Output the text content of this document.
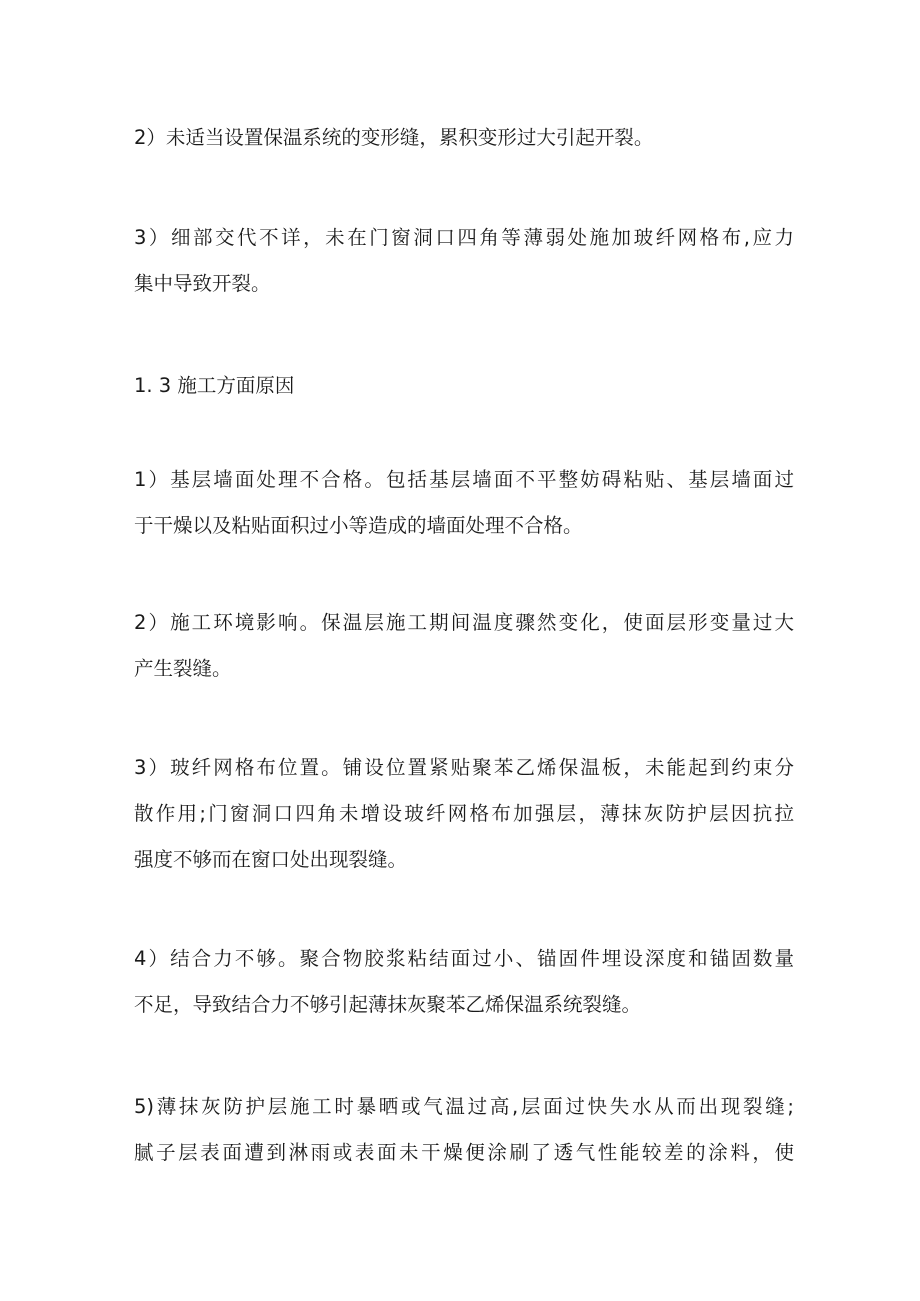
2）未适当设置保温系统的变形缝，累积变形过大引起开裂。
3）细部交代不详，未在门窗洞口四角等薄弱处施加玻纤网格布,应力
集中导致开裂。
1. 3 施工方面原因
1）基层墙面处理不合格。包括基层墙面不平整妨碍粘贴、基层墙面过
于干燥以及粘贴面积过小等造成的墙面处理不合格。
2）施工环境影响。保温层施工期间温度骤然变化，使面层形变量过大
产生裂缝。
3）玻纤网格布位置。铺设位置紧贴聚苯乙烯保温板，未能起到约束分
散作用;门窗洞口四角未增设玻纤网格布加强层，薄抹灰防护层因抗拉
强度不够而在窗口处出现裂缝。
4）结合力不够。聚合物胶浆粘结面过小、锚固件埋设深度和锚固数量
不足，导致结合力不够引起薄抹灰聚苯乙烯保温系统裂缝。
5)薄抹灰防护层施工时暴晒或气温过高,层面过快失水从而出现裂缝;
腻子层表面遭到淋雨或表面未干燥便涂刷了透气性能较差的涂料，使
